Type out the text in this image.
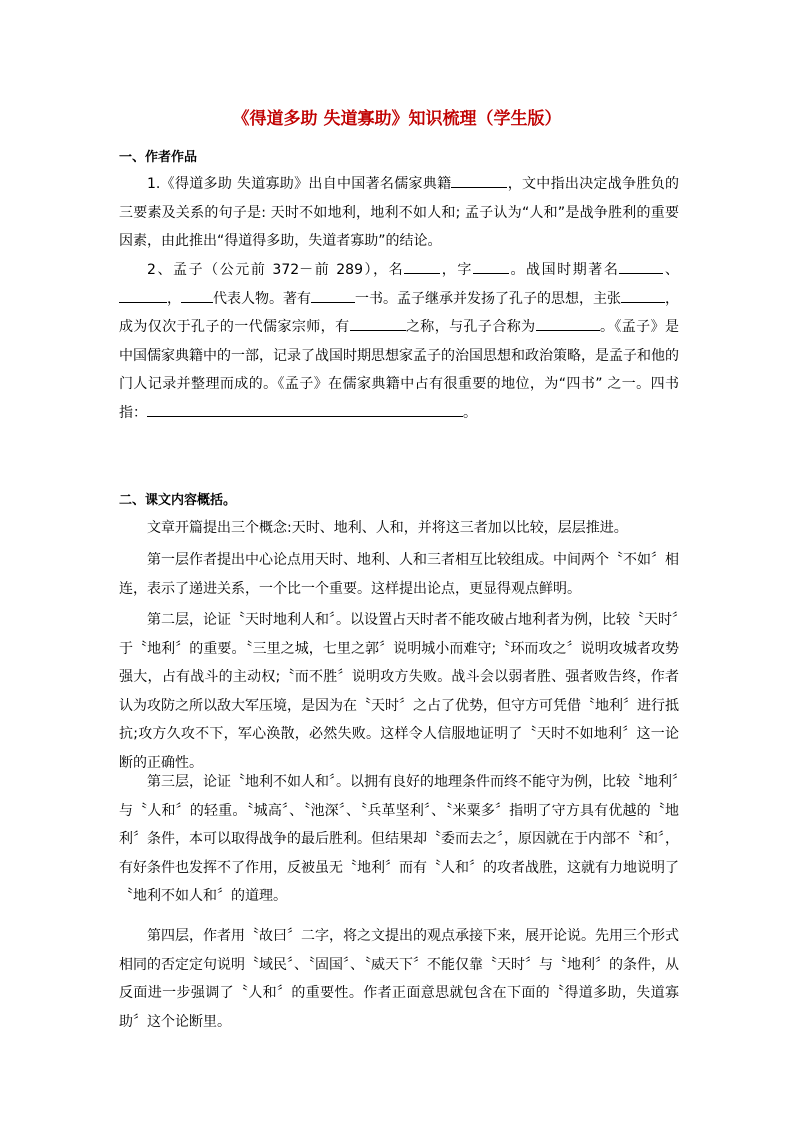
《得道多助 失道寡助》知识梳理（学生版）
一、作者作品
1.《得道多助 失道寡助》出自中国著名儒家典籍	，文中指出决定战争胜负的三要素及关系的句子是: 天时不如地利，地利不如人和; 孟子认为“人和”是战争胜利的重要因素，由此推出“得道得多助，失道者寡助”的结论。
2、孟子（公元前 372－前 289），名	，字	。战国时期著名	、， 代表人物。著有	一书。孟子继承并发扬了孔子的思想，主张	，成为仅次于孔子的一代儒家宗师，有	之称，与孔子合称为	。《孟子》是中国儒家典籍中的一部，记录了战国时期思想家孟子的治国思想和政治策略，是孟子和他的门人记录并整理而成的。《孟子》在儒家典籍中占有很重要的地位，为“四书” 之一。四书指：	。
二、课文内容概括。
文章开篇提出三个概念:天时、地利、人和，并将这三者加以比较，层层推进。
第一层作者提出中心论点用天时、地利、人和三者相互比较组成。中间两个〝不如〞相连，表示了递进关系，一个比一个重要。这样提出论点，更显得观点鲜明。
第二层，论证〝天时地利人和〞。以设置占天时者不能攻破占地利者为例，比较〝天时〞于〝地利〞的重要。〝三里之城，七里之郭〞说明城小而难守;〝环而攻之〞说明攻城者攻势强大，占有战斗的主动权;〝而不胜〞说明攻方失败。战斗会以弱者胜、强者败告终，作者认为攻防之所以敌大军压境，是因为在〝天时〞之占了优势，但守方可凭借〝地利〞进行抵抗;攻方久攻不下，军心涣散，必然失败。这样令人信服地证明了〝天时不如地利〞这一论断的正确性。
第三层，论证〝地利不如人和〞。以拥有良好的地理条件而终不能守为例，比较〝地利〞与〝人和〞的轻重。〝城高〞、〝池深〞、〝兵革坚利〞、〝米粟多〞指明了守方具有优越的〝地利〞条件，本可以取得战争的最后胜利。但结果却〝委而去之〞，原因就在于内部不〝和〞，有好条件也发挥不了作用，反被虽无〝地利〞而有〝人和〞的攻者战胜，这就有力地说明了〝地利不如人和〞的道理。
第四层，作者用〝故曰〞二字，将之文提出的观点承接下来，展开论说。先用三个形式相同的否定定句说明〝域民〞、〝固国〞、〝威天下〞不能仅靠〝天时〞与〝地利〞的条件，从反面进一步强调了〝人和〞的重要性。作者正面意思就包含在下面的〝得道多助，失道寡助〞这个论断里。
